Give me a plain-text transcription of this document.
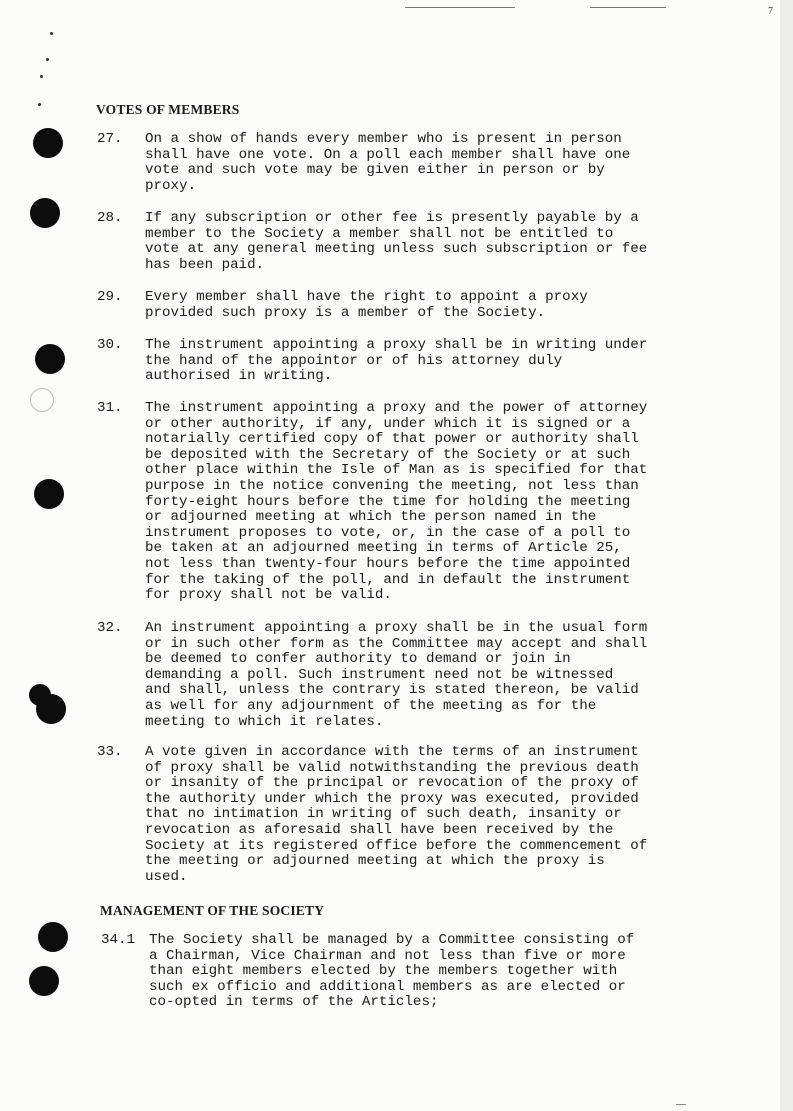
7
VOTES OF MEMBERS
27.	On a show of hands every member who is present in person
shall have one vote. On a poll each member shall have one
vote and such vote may be given either in person or by
proxy.
28.	If any subscription or other fee is presently payable by a
member to the Society a member shall not be entitled to
vote at any general meeting unless such subscription or fee
has been paid.
29.	Every member shall have the right to appoint a proxy
provided such proxy is a member of the Society.
30.	The instrument appointing a proxy shall be in writing under
the hand of the appointor or of his attorney duly
authorised in writing.
31.	The instrument appointing a proxy and the power of attorney
or other authority, if any, under which it is signed or a
notarially certified copy of that power or authority shall
be deposited with the Secretary of the Society or at such
other place within the Isle of Man as is specified for that
purpose in the notice convening the meeting, not less than
forty-eight hours before the time for holding the meeting
or adjourned meeting at which the person named in the
instrument proposes to vote, or, in the case of a poll to
be taken at an adjourned meeting in terms of Article 25,
not less than twenty-four hours before the time appointed
for the taking of the poll, and in default the instrument
for proxy shall not be valid.
32.	An instrument appointing a proxy shall be in the usual form
or in such other form as the Committee may accept and shall
be deemed to confer authority to demand or join in
demanding a poll. Such instrument need not be witnessed
and shall, unless the contrary is stated thereon, be valid
as well for any adjournment of the meeting as for the
meeting to which it relates.
33.	A vote given in accordance with the terms of an instrument
of proxy shall be valid notwithstanding the previous death
or insanity of the principal or revocation of the proxy of
the authority under which the proxy was executed, provided
that no intimation in writing of such death, insanity or
revocation as aforesaid shall have been received by the
Society at its registered office before the commencement of
the meeting or adjourned meeting at which the proxy is
used.
MANAGEMENT OF THE SOCIETY
34.1 The Society shall be managed by a Committee consisting of
a Chairman, Vice Chairman and not less than five or more
than eight members elected by the members together with
such ex officio and additional members as are elected or
co-opted in terms of the Articles;
